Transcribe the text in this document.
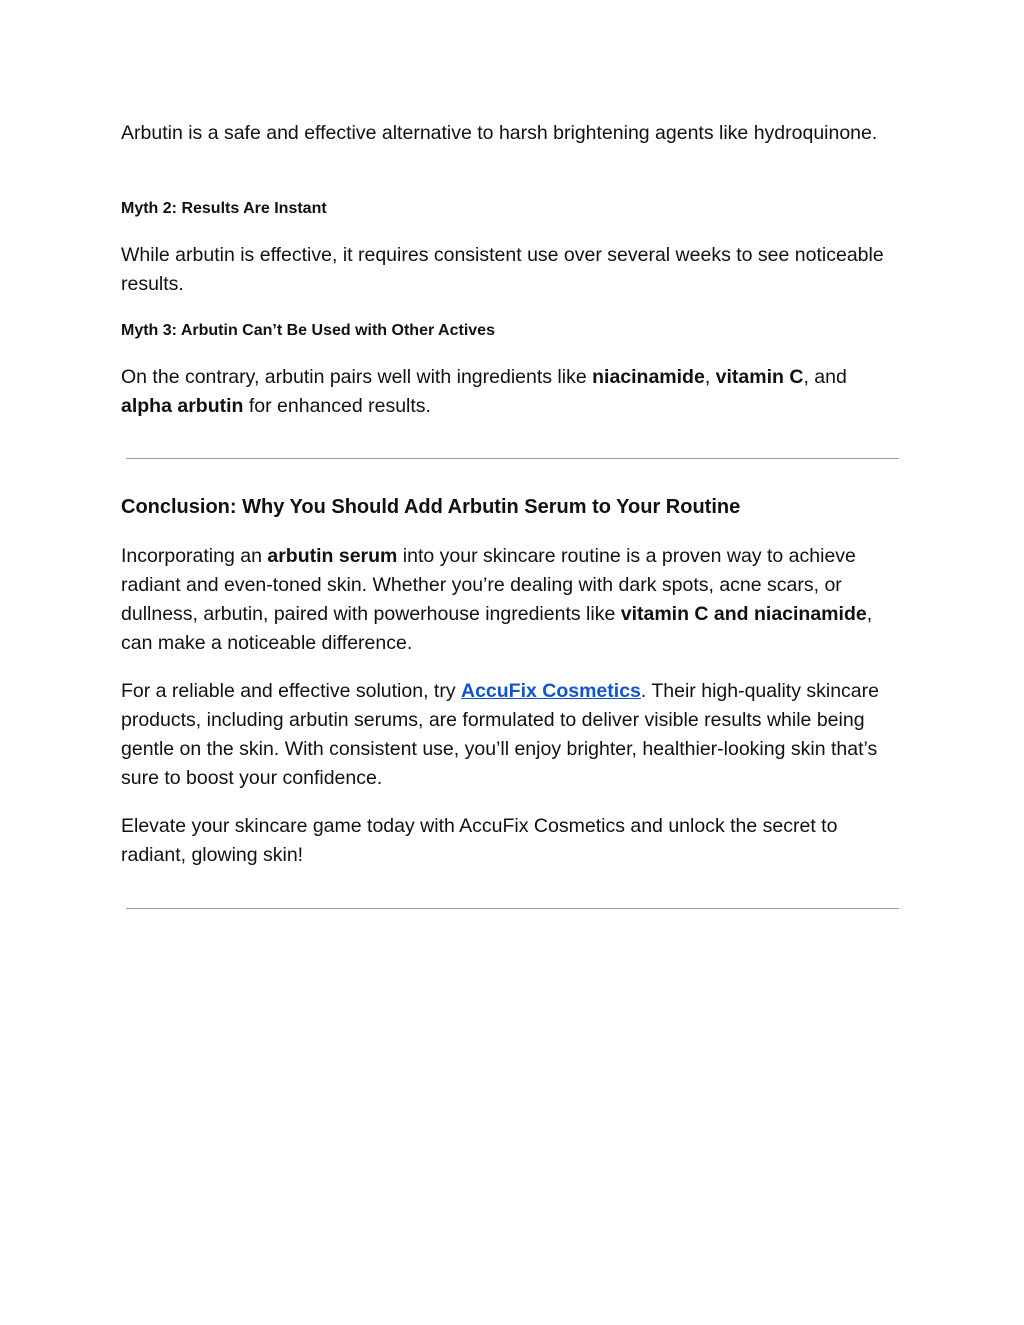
Arbutin is a safe and effective alternative to harsh brightening agents like hydroquinone.

Myth 2: Results Are Instant

While arbutin is effective, it requires consistent use over several weeks to see noticeable results.

Myth 3: Arbutin Can’t Be Used with Other Actives

On the contrary, arbutin pairs well with ingredients like niacinamide, vitamin C, and alpha arbutin for enhanced results.

Conclusion: Why You Should Add Arbutin Serum to Your Routine

Incorporating an arbutin serum into your skincare routine is a proven way to achieve radiant and even-toned skin. Whether you’re dealing with dark spots, acne scars, or dullness, arbutin, paired with powerhouse ingredients like vitamin C and niacinamide, can make a noticeable difference.

For a reliable and effective solution, try AccuFix Cosmetics. Their high-quality skincare products, including arbutin serums, are formulated to deliver visible results while being gentle on the skin. With consistent use, you’ll enjoy brighter, healthier-looking skin that’s sure to boost your confidence.

Elevate your skincare game today with AccuFix Cosmetics and unlock the secret to radiant, glowing skin!
